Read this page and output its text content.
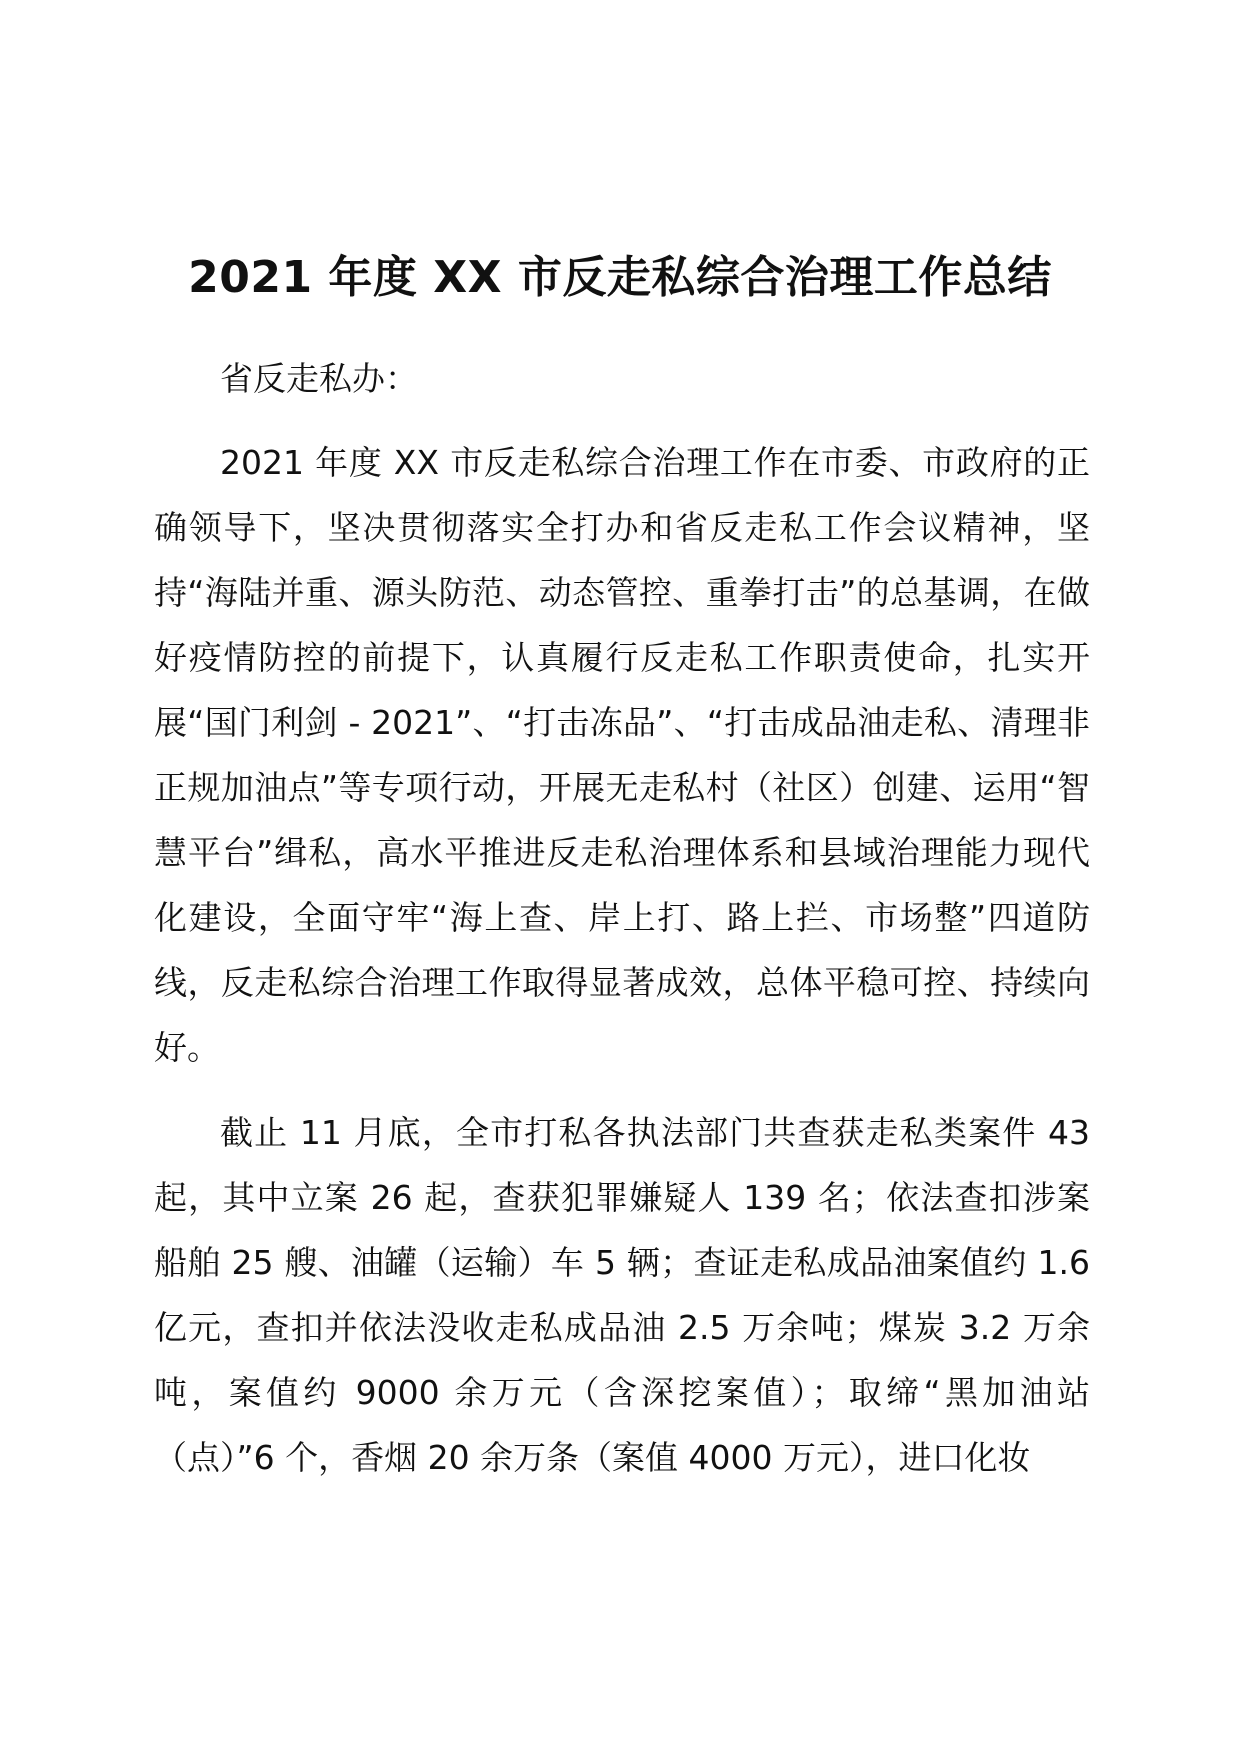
2021 年度 XX 市反走私综合治理工作总结

省反走私办：

2021 年度 XX 市反走私综合治理工作在市委、市政府的正确领导下，坚决贯彻落实全打办和省反走私工作会议精神，坚持“海陆并重、源头防范、动态管控、重拳打击”的总基调，在做好疫情防控的前提下，认真履行反走私工作职责使命，扎实开展“国门利剑 - 2021”、“打击冻品”、“打击成品油走私、清理非正规加油点”等专项行动，开展无走私村（社区）创建、运用“智慧平台”缉私，高水平推进反走私治理体系和县域治理能力现代化建设，全面守牢“海上查、岸上打、路上拦、市场整”四道防线，反走私综合治理工作取得显著成效，总体平稳可控、持续向好。

截止 11 月底，全市打私各执法部门共查获走私类案件 43 起，其中立案 26 起，查获犯罪嫌疑人 139 名；依法查扣涉案船舶 25 艘、油罐（运输）车 5 辆；查证走私成品油案值约 1.6 亿元，查扣并依法没收走私成品油 2.5 万余吨；煤炭 3.2 万余吨，案值约 9000 余万元（含深挖案值）；取缔“黑加油站（点）”6 个，香烟 20 余万条（案值 4000 万元），进口化妆
